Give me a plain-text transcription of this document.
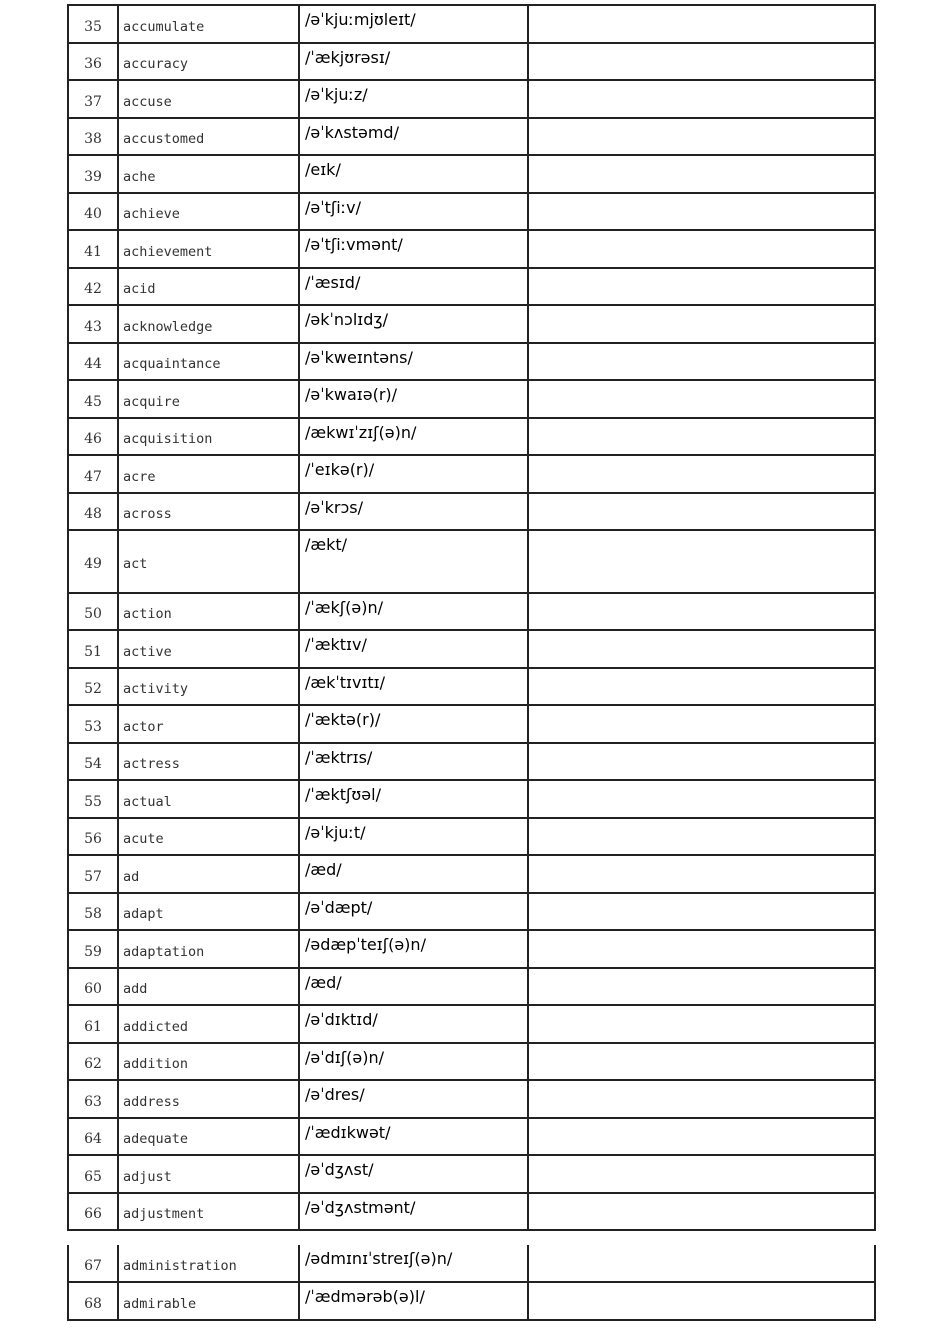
35	accumulate	/əˈkjuːmjʊleɪt/	
36	accuracy	/ˈækjʊrəsɪ/	
37	accuse	/əˈkjuːz/	
38	accustomed	/əˈkʌstəmd/	
39	ache	/eɪk/	
40	achieve	/əˈtʃiːv/	
41	achievement	/əˈtʃiːvmənt/	
42	acid	/ˈæsɪd/	
43	acknowledge	/əkˈnɔlɪdʒ/	
44	acquaintance	/əˈkweɪntəns/	
45	acquire	/əˈkwaɪə(r)/	
46	acquisition	/ækwɪˈzɪʃ(ə)n/	
47	acre	/ˈeɪkə(r)/	
48	across	/əˈkrɔs/	
49	act	/ækt/	
50	action	/ˈækʃ(ə)n/	
51	active	/ˈæktɪv/	
52	activity	/ækˈtɪvɪtɪ/	
53	actor	/ˈæktə(r)/	
54	actress	/ˈæktrɪs/	
55	actual	/ˈæktʃʊəl/	
56	acute	/əˈkjuːt/	
57	ad	/æd/	
58	adapt	/əˈdæpt/	
59	adaptation	/ədæpˈteɪʃ(ə)n/	
60	add	/æd/	
61	addicted	/əˈdɪktɪd/	
62	addition	/əˈdɪʃ(ə)n/	
63	address	/əˈdres/	
64	adequate	/ˈædɪkwət/	
65	adjust	/əˈdʒʌst/	
66	adjustment	/əˈdʒʌstmənt/	
67	administration	/ədmɪnɪˈstreɪʃ(ə)n/	
68	admirable	/ˈædmərəb(ə)l/	
